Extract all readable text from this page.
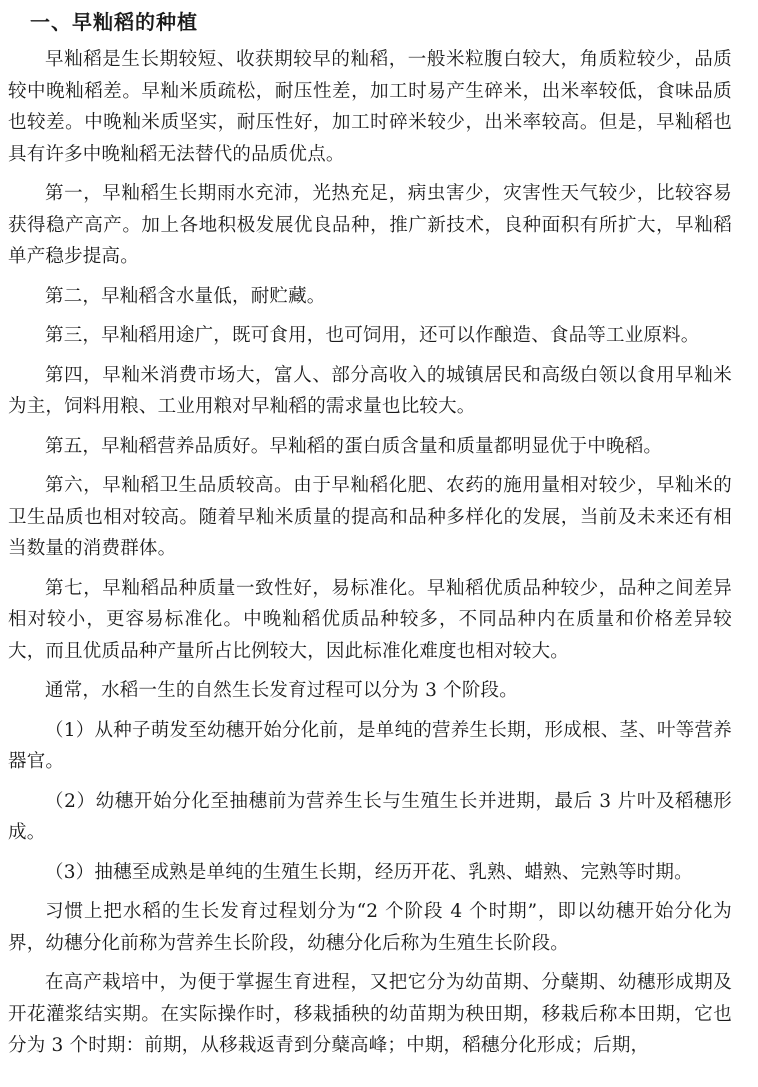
一、早籼稻的种植

早籼稻是生长期较短、收获期较早的籼稻，一般米粒腹白较大，角质粒较少，品质较中晚籼稻差。早籼米质疏松，耐压性差，加工时易产生碎米，出米率较低，食味品质也较差。中晚籼米质坚实，耐压性好，加工时碎米较少，出米率较高。但是，早籼稻也具有许多中晚籼稻无法替代的品质优点。

第一，早籼稻生长期雨水充沛，光热充足，病虫害少，灾害性天气较少，比较容易获得稳产高产。加上各地积极发展优良品种，推广新技术，良种面积有所扩大，早籼稻单产稳步提高。

第二，早籼稻含水量低，耐贮藏。

第三，早籼稻用途广，既可食用，也可饲用，还可以作酿造、食品等工业原料。

第四，早籼米消费市场大，富人、部分高收入的城镇居民和高级白领以食用早籼米为主，饲料用粮、工业用粮对早籼稻的需求量也比较大。

第五，早籼稻营养品质好。早籼稻的蛋白质含量和质量都明显优于中晚稻。

第六，早籼稻卫生品质较高。由于早籼稻化肥、农药的施用量相对较少，早籼米的卫生品质也相对较高。随着早籼米质量的提高和品种多样化的发展，当前及未来还有相当数量的消费群体。

第七，早籼稻品种质量一致性好，易标准化。早籼稻优质品种较少，品种之间差异相对较小，更容易标准化。中晚籼稻优质品种较多，不同品种内在质量和价格差异较大，而且优质品种产量所占比例较大，因此标准化难度也相对较大。

通常，水稻一生的自然生长发育过程可以分为 3 个阶段。

（1）从种子萌发至幼穗开始分化前，是单纯的营养生长期，形成根、茎、叶等营养器官。

（2）幼穗开始分化至抽穗前为营养生长与生殖生长并进期，最后 3 片叶及稻穗形成。

（3）抽穗至成熟是单纯的生殖生长期，经历开花、乳熟、蜡熟、完熟等时期。

习惯上把水稻的生长发育过程划分为“2 个阶段 4 个时期”，即以幼穗开始分化为界，幼穗分化前称为营养生长阶段，幼穗分化后称为生殖生长阶段。

在高产栽培中，为便于掌握生育进程，又把它分为幼苗期、分蘖期、幼穗形成期及开花灌浆结实期。在实际操作时，移栽插秧的幼苗期为秧田期，移栽后称本田期，它也分为 3 个时期：前期，从移栽返青到分蘖高峰；中期，稻穗分化形成；后期，
